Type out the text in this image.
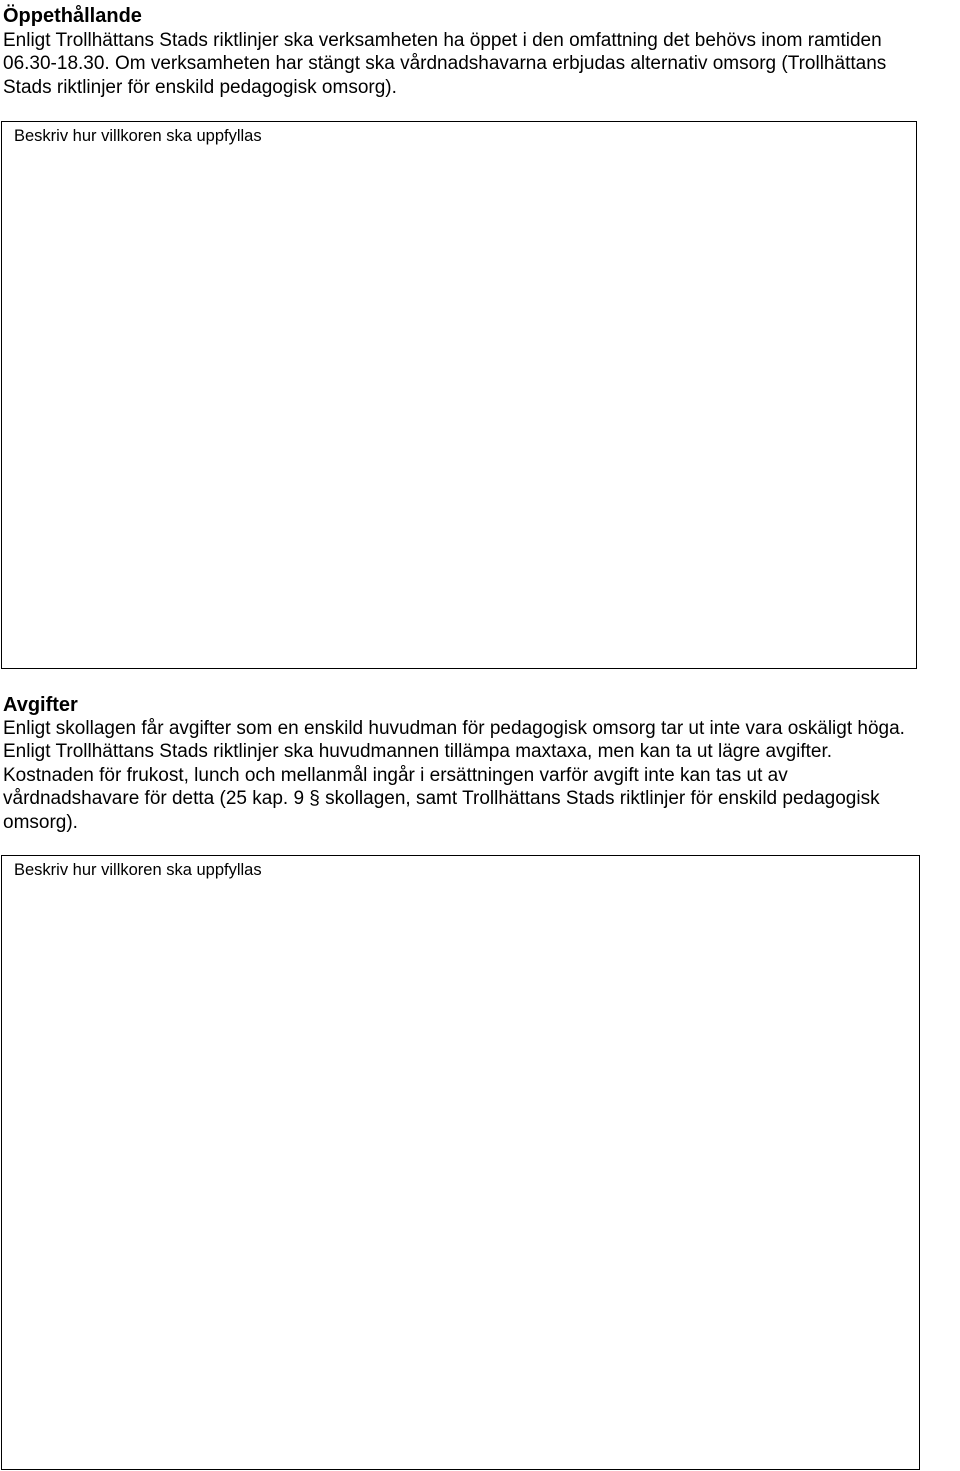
Öppethållande
Enligt Trollhättans Stads riktlinjer ska verksamheten ha öppet i den omfattning det behövs inom ramtiden
06.30-18.30. Om verksamheten har stängt ska vårdnadshavarna erbjudas alternativ omsorg (Trollhättans
Stads riktlinjer för enskild pedagogisk omsorg).
Beskriv hur villkoren ska uppfyllas
Avgifter
Enligt skollagen får avgifter som en enskild huvudman för pedagogisk omsorg tar ut inte vara oskäligt höga.
Enligt Trollhättans Stads riktlinjer ska huvudmannen tillämpa maxtaxa, men kan ta ut lägre avgifter.
Kostnaden för frukost, lunch och mellanmål ingår i ersättningen varför avgift inte kan tas ut av
vårdnadshavare för detta (25 kap. 9 § skollagen, samt Trollhättans Stads riktlinjer för enskild pedagogisk
omsorg).
Beskriv hur villkoren ska uppfyllas
